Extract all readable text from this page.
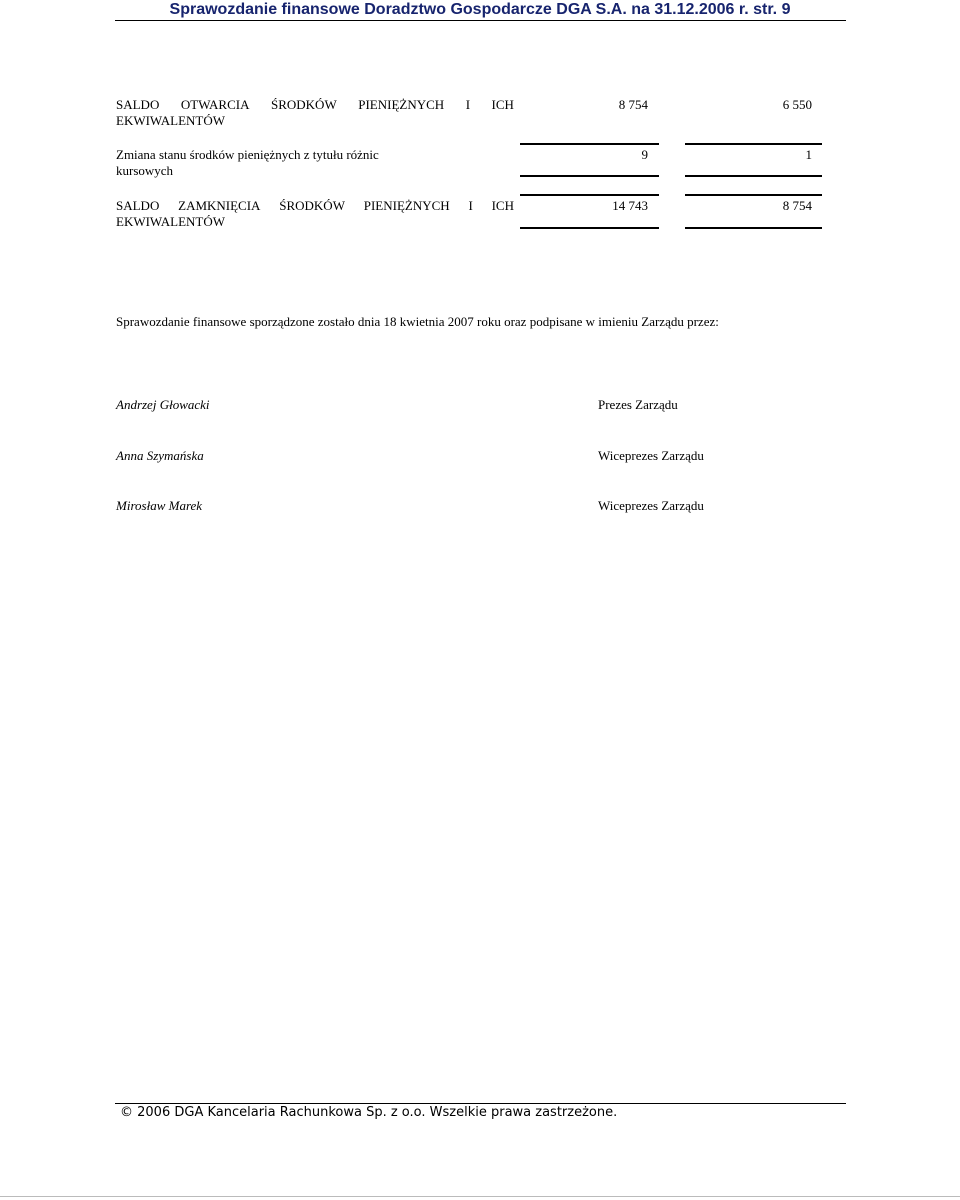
Sprawozdanie finansowe Doradztwo Gospodarcze DGA S.A. na 31.12.2006 r. str. 9
SALDO OTWARCIA ŚRODKÓW PIENIĘŻNYCH I ICH
EKWIWALENTÓW
8 754	6 550
Zmiana stanu środków pieniężnych z tytułu różnic
kursowych
9	1
SALDO ZAMKNIĘCIA ŚRODKÓW PIENIĘŻNYCH I ICH
EKWIWALENTÓW
14 743	8 754
Sprawozdanie finansowe sporządzone zostało dnia 18 kwietnia 2007 roku oraz podpisane w imieniu Zarządu przez:
Andrzej Głowacki	Prezes Zarządu
Anna Szymańska	Wiceprezes Zarządu
Mirosław Marek	Wiceprezes Zarządu
© 2006 DGA Kancelaria Rachunkowa Sp. z o.o. Wszelkie prawa zastrzeżone.
